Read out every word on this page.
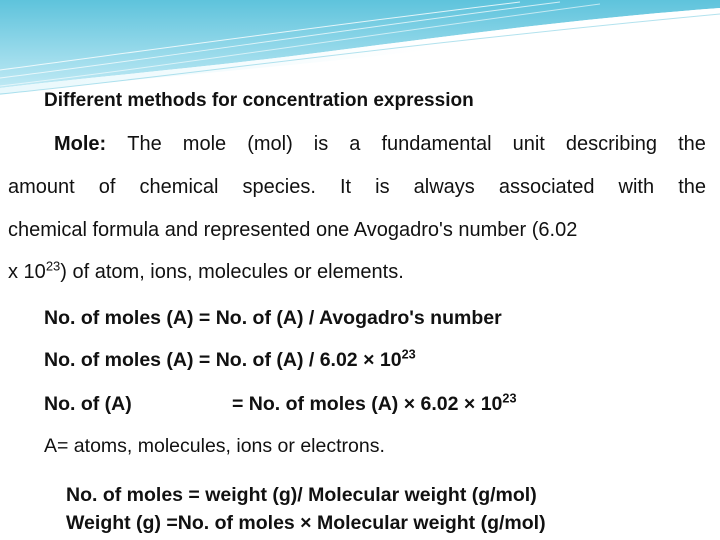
Different methods for concentration expression
Mole: The mole (mol) is a fundamental unit describing the
amount of chemical species. It is always associated with the
chemical formula and represented one Avogadro's number (6.02
x $10^{23}$) of atom, ions, molecules or elements.
No. of moles (A) = No. of (A) / Avogadro's number
No. of moles (A) = No. of $(A) / 6.02 \times 10^{23}$
No. of (A)	= No. of moles $(A) \times 6.02 \times 10^{23}$
A= atoms, molecules, ions or electrons.
No. of moles = weight (g)/ Molecular weight (g/mol)
Weight (g) =No. of moles × Molecular weight (g/mol)
